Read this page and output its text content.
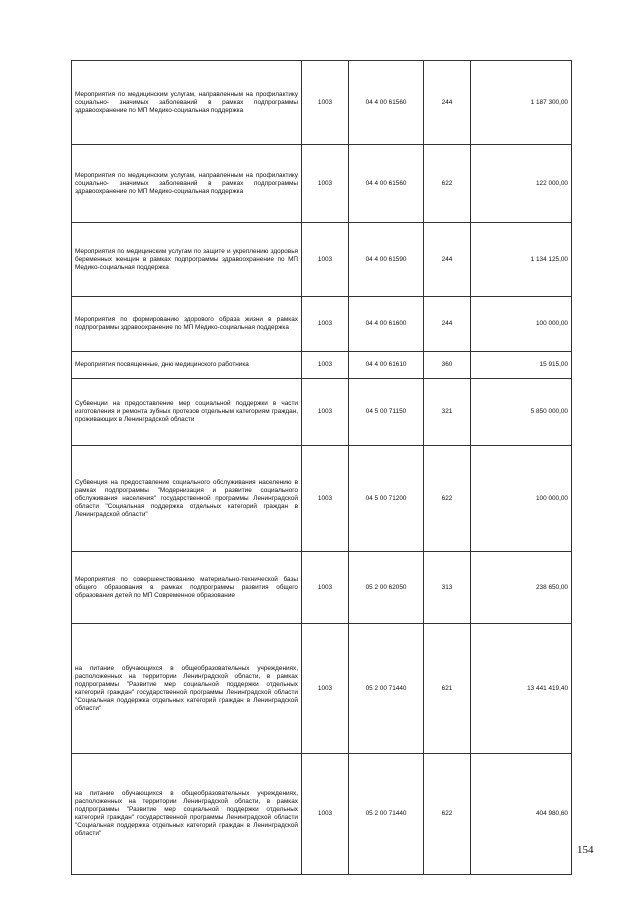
Мероприятия по медицинским услугам, направленным на профилактику социально- значимых заболеваний в рамках подпрограммы здравоохранение по МП Медико-социальная поддержка	1003	04 4 00 61560	244	1 187 300,00
Мероприятия по медицинским услугам, направленным на профилактику социально- значимых заболеваний в рамках подпрограммы здравоохранение по МП Медико-социальная поддержка	1003	04 4 00 61560	622	122 000,00
Мероприятия по медицинским услугам по защите и укреплению здоровья беременных женщин в рамках подпрограммы здравоохранение по МП Медико-социальная поддержка	1003	04 4 00 61590	244	1 134 125,00
Мероприятия по формированию здорового образа жизни в рамках подпрограммы здравоохранение по МП Медико-социальная поддержка	1003	04 4 00 61600	244	100 000,00
Мероприятия посвященные, дню медицинского работника	1003	04 4 00 61610	360	15 915,00
Субвенции на предоставление мер социальной поддержки в части изготовления и ремонта зубных протезов отдельным категориям граждан, проживающих в Ленинградской области	1003	04 5 00 71150	321	5 850 000,00
Субвенция на предоставление социального обслуживания населению в рамках подпрограммы "Модернизация и развитие социального обслуживания населения" государственной программы Ленинградской области "Социальная поддержка отдельных категорий граждан в Ленинградской области"	1003	04 5 00 71200	622	100 000,00
Мероприятия по совершенствованию материально-технической базы общего образования в рамках подпрограммы развития общего образования детей по МП Современное образование	1003	05 2 00 62050	313	238 650,00
на питание обучающихся в общеобразовательных учреждениях, расположенных на территории Ленинградской области, в рамках подпрограммы "Развитие мер социальной поддержки отдельных категорий граждан" государственной программы Ленинградской области "Социальная поддержка отдельных категорий граждан в Ленинградской области"	1003	05 2 00 71440	621	13 441 419,40
на питание обучающихся в общеобразовательных учреждениях, расположенных на территории Ленинградской области, в рамках подпрограммы "Развитие мер социальной поддержки отдельных категорий граждан" государственной программы Ленинградской области "Социальная поддержка отдельных категорий граждан в Ленинградской области"	1003	05 2 00 71440	622	404 980,60
154
